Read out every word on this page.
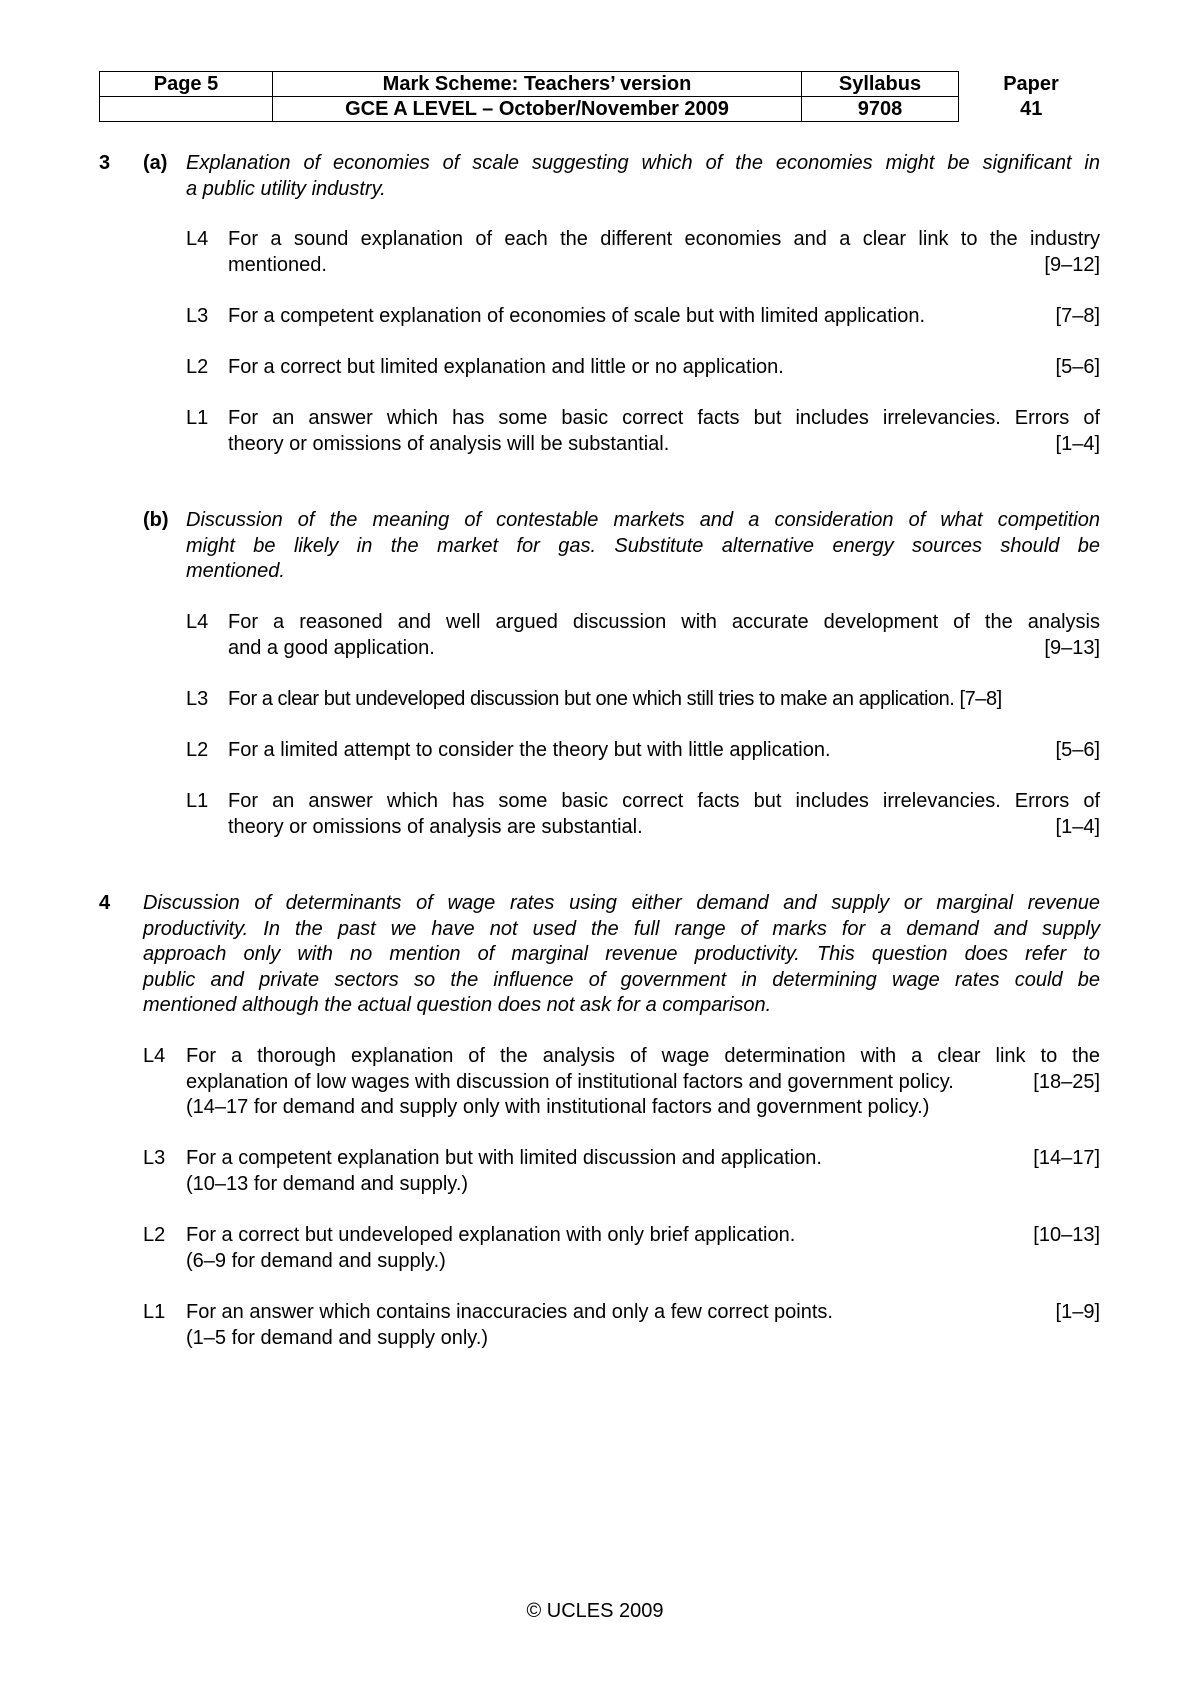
Page 5	Mark Scheme: Teachers’ version	Syllabus	Paper
	GCE A LEVEL – October/November 2009	9708	41
3 (a) Explanation of economies of scale suggesting which of the economies might be significant in
a public utility industry.
L4 For a sound explanation of each the different economies and a clear link to the industry
mentioned.	[9–12]
L3 For a competent explanation of economies of scale but with limited application.	[7–8]
L2 For a correct but limited explanation and little or no application.	[5–6]
L1 For an answer which has some basic correct facts but includes irrelevancies. Errors of
theory or omissions of analysis will be substantial.	[1–4]
(b) Discussion of the meaning of contestable markets and a consideration of what competition
might be likely in the market for gas. Substitute alternative energy sources should be
mentioned.
L4 For a reasoned and well argued discussion with accurate development of the analysis
and a good application.	[9–13]
L3 For a clear but undeveloped discussion but one which still tries to make an application. [7–8]
L2 For a limited attempt to consider the theory but with little application.	[5–6]
L1 For an answer which has some basic correct facts but includes irrelevancies. Errors of
theory or omissions of analysis are substantial.	[1–4]
4 Discussion of determinants of wage rates using either demand and supply or marginal revenue
productivity. In the past we have not used the full range of marks for a demand and supply
approach only with no mention of marginal revenue productivity. This question does refer to
public and private sectors so the influence of government in determining wage rates could be
mentioned although the actual question does not ask for a comparison.
L4 For a thorough explanation of the analysis of wage determination with a clear link to the
explanation of low wages with discussion of institutional factors and government policy.	[18–25]
(14–17 for demand and supply only with institutional factors and government policy.)
L3 For a competent explanation but with limited discussion and application.	[14–17]
(10–13 for demand and supply.)
L2 For a correct but undeveloped explanation with only brief application.	[10–13]
(6–9 for demand and supply.)
L1 For an answer which contains inaccuracies and only a few correct points.	[1–9]
(1–5 for demand and supply only.)
© UCLES 2009
